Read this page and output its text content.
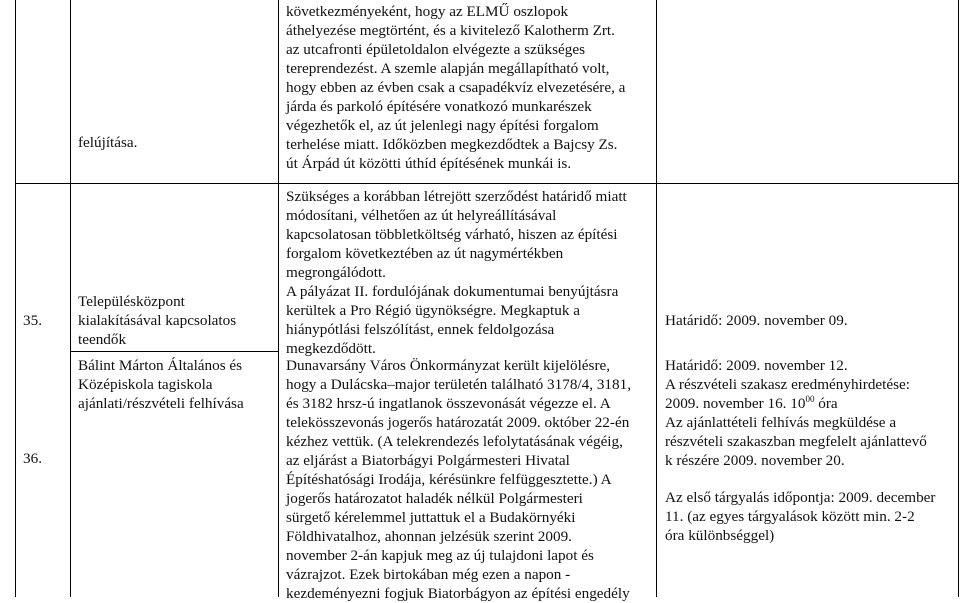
felújítása.
következményeként, hogy az ELMŰ oszlopok
áthelyezése megtörtént, és a kivitelező Kalotherm Zrt.
az utcafronti épületoldalon elvégezte a szükséges
tereprendezést. A szemle alapján megállapítható volt,
hogy ebben az évben csak a csapadékvíz elvezetésére, a
járda és parkoló építésére vonatkozó munkarészek
végezhetők el, az út jelenlegi nagy építési forgalom
terhelése miatt. Időközben megkezdődtek a Bajcsy Zs.
út Árpád út közötti úthíd építésének munkái is.
Szükséges a korábban létrejött szerződést határidő miatt
módosítani, vélhetően az út helyreállításával
kapcsolatosan többletköltség várható, hiszen az építési
forgalom következtében az út nagymértékben
megrongálódott.
35.
Településközpont
kialakításával kapcsolatos
teendők
A pályázat II. fordulójának dokumentumai benyújtásra
kerültek a Pro Régió ügynökségre. Megkaptuk a
hiánypótlási felszólítást, ennek feldolgozása
megkezdődött.
Határidő: 2009. november 09.
36.
Bálint Márton Általános és
Középiskola tagiskola
ajánlati/részvételi felhívása
Dunavarsány Város Önkormányzat került kijelölésre,
hogy a Dulácska–major területén található 3178/4, 3181,
és 3182 hrsz-ú ingatlanok összevonását végezze el. A
telekösszevonás jogerős határozatát 2009. október 22-én
kézhez vettük. (A telekrendezés lefolytatásának végéig,
az eljárást a Biatorbágyi Polgármesteri Hivatal
Építéshatósági Irodája, kérésünkre felfüggesztette.) A
jogerős határozatot haladék nélkül Polgármesteri
sürgető kérelemmel juttattuk el a Budakörnyéki
Földhivatalhoz, ahonnan jelzésük szerint 2009.
november 2-án kapjuk meg az új tulajdoni lapot és
vázrajzot. Ezek birtokában még ezen a napon -
kezdeményezni fogjuk Biatorbágyon az építési engedély
Határidő: 2009. november 12.
A részvételi szakasz eredményhirdetése:
2009. november 16. $10^{00}$ óra
Az ajánlattételi felhívás megküldése a
részvételi szakaszban megfelelt ajánlattevő
k részére 2009. november 20.
Az első tárgyalás időpontja: 2009. december
11. (az egyes tárgyalások között min. 2-2
óra különbséggel)
